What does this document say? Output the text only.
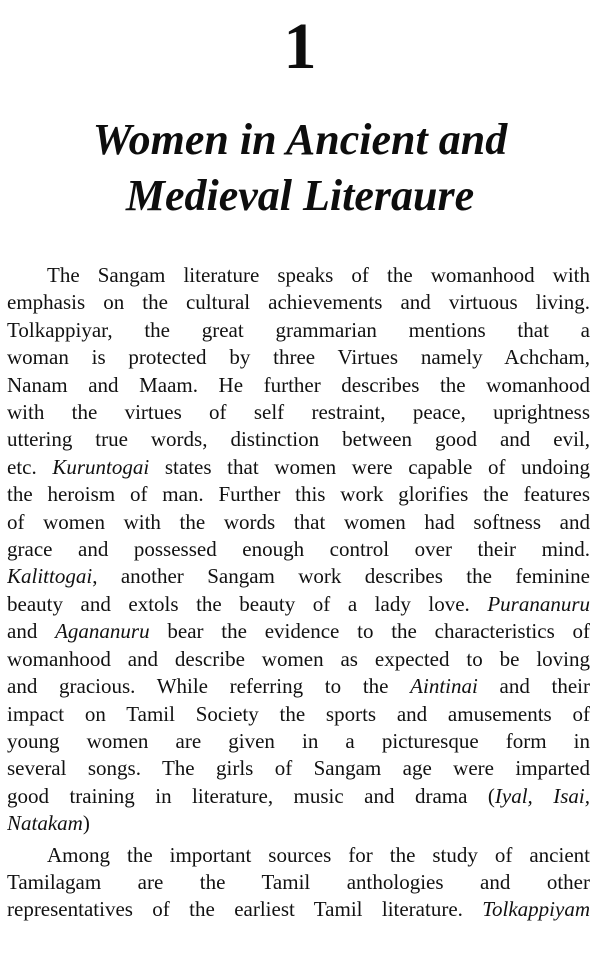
1
Women in Ancient and
Medieval Literaure
The Sangam literature speaks of the womanhood with
emphasis on the cultural achievements and virtuous living.
Tolkappiyar, the great grammarian mentions that a
woman is protected by three Virtues namely Achcham,
Nanam and Maam. He further describes the womanhood
with the virtues of self restraint, peace, uprightness
uttering true words, distinction between good and evil,
etc. Kuruntogai states that women were capable of undoing
the heroism of man. Further this work glorifies the features
of women with the words that women had softness and
grace and possessed enough control over their mind.
Kalittogai, another Sangam work describes the feminine
beauty and extols the beauty of a lady love. Purananuru
and Agananuru bear the evidence to the characteristics of
womanhood and describe women as expected to be loving
and gracious. While referring to the Aintinai and their
impact on Tamil Society the sports and amusements of
young women are given in a picturesque form in
several songs. The girls of Sangam age were imparted
good training in literature, music and drama (Iyal, Isai,
Natakam)
Among the important sources for the study of ancient
Tamilagam are the Tamil anthologies and other
representatives of the earliest Tamil literature. Tolkappiyam
